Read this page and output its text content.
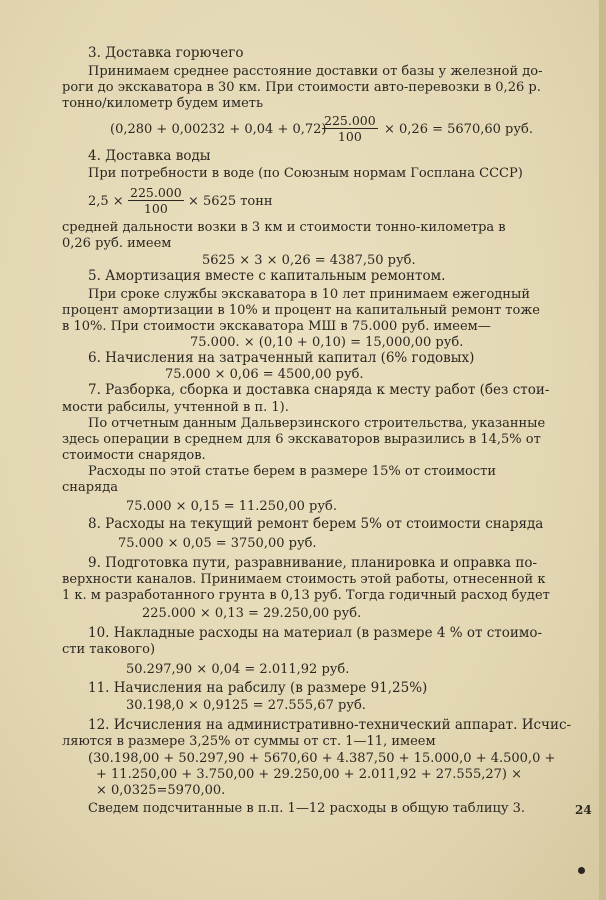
3. Доставка горючего
Принимаем среднее расстояние доставки от базы у железной до-
роги до экскаватора в 30 км. При стоимости авто-перевозки в 0,26 р.
тонно/километр будем иметь
(0,280 + 0,00232 + 0,04 + 0,72)
$\frac{225.000}{100} \times 0,26 = 5670,60$ руб.
4. Доставка воды
При потребности в воде (по Союзным нормам Госплана СССР)
$2,5 \times \frac{225.000}{100} \times 5625$ тонн
средней дальности возки в 3 км и стоимости тонно-километра в
0,26 руб. имеем
5625 × 3 × 0,26 = 4387,50 руб.
5. Амортизация вместе с капитальным ремонтом.
При сроке службы экскаватора в 10 лет принимаем ежегодный
процент амортизации в 10% и процент на капитальный ремонт тоже
в 10%. При стоимости экскаватора МШ в 75.000 руб. имеем—
75.000. × (0,10 + 0,10) = 15,000,00 руб.
6. Начисления на затраченный капитал (6% годовых)
75.000 × 0,06 = 4500,00 руб.
7. Разборка, сборка и доставка снаряда к месту работ (без стои-
мости рабсилы, учтенной в п. 1).
По отчетным данным Дальверзинского строительства, указанные
здесь операции в среднем для 6 экскаваторов выразились в 14,5% от
стоимости снарядов.
Расходы по этой статье берем в размере 15% от стоимости
снаряда
75.000 × 0,15 = 11.250,00 руб.
8. Расходы на текущий ремонт берем 5% от стоимости снаряда
75.000 × 0,05 = 3750,00 руб.
9. Подготовка пути, разравнивание, планировка и оправка по-
верхности каналов. Принимаем стоимость этой работы, отнесенной к
1 к. м разработанного грунта в 0,13 руб. Тогда годичный расход будет
225.000 × 0,13 = 29.250,00 руб.
10. Накладные расходы на материал (в размере 4 % от стоимо-
сти такового)
50.297,90 × 0,04 = 2.011,92 руб.
11. Начисления на рабсилу (в размере 91,25%)
30.198,0 × 0,9125 = 27.555,67 руб.
12. Исчисления на административно-технический аппарат. Исчис-
ляются в размере 3,25% от суммы от ст. 1—11, имеем
(30.198,00 + 50.297,90 + 5670,60 + 4.387,50 + 15.000,0 + 4.500,0 +
+ 11.250,00 + 3.750,00 + 29.250,00 + 2.011,92 + 27.555,27) ×
× 0,0325=5970,00.
Сведем подсчитанные в п.п. 1—12 расходы в общую таблицу 3.	24
